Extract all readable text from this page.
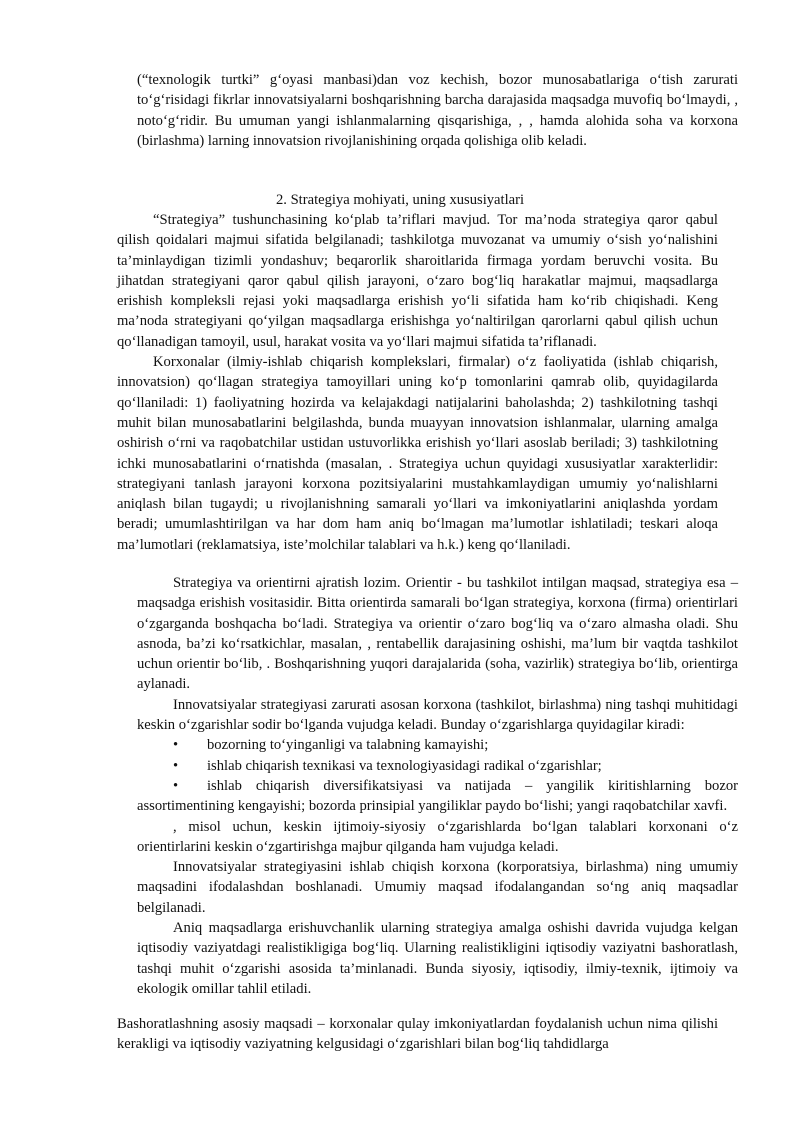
(“texnologik turtki” g‘oyasi manbasi)dan voz kechish, bozor munosabatlariga o‘tish zarurati to‘g‘risidagi fikrlar innovatsiyalarni boshqarishning barcha darajasida maqsadga muvofiq bo‘lmaydi, , noto‘g‘ridir. Bu umuman yangi ishlanmalarning qisqarishiga, , , hamda alohida soha va korxona (birlashma) larning innovatsion rivojlanishining orqada qolishiga olib keladi.

2. Strategiya mohiyati, uning xususiyatlari

“Strategiya” tushunchasining ko‘plab ta’riflari mavjud. Tor ma’noda strategiya qaror qabul qilish qoidalari majmui sifatida belgilanadi; tashkilotga muvozanat va umumiy o‘sish yo‘nalishini ta’minlaydigan tizimli yondashuv; beqarorlik sharoitlarida firmaga yordam beruvchi vosita. Bu jihatdan strategiyani qaror qabul qilish jarayoni, o‘zaro bog‘liq harakatlar majmui, maqsadlarga erishish kompleksli rejasi yoki maqsadlarga erishish yo‘li sifatida ham ko‘rib chiqishadi. Keng ma’noda strategiyani qo‘yilgan maqsadlarga erishishga yo‘naltirilgan qarorlarni qabul qilish uchun qo‘llanadigan tamoyil, usul, harakat vosita va yo‘llari majmui sifatida ta’riflanadi.

Korxonalar (ilmiy-ishlab chiqarish komplekslari, firmalar) o‘z faoliyatida (ishlab chiqarish, innovatsion) qo‘llagan strategiya tamoyillari uning ko‘p tomonlarini qamrab olib, quyidagilarda qo‘llaniladi: 1) faoliyatning hozirda va kelajakdagi natijalarini baholashda; 2) tashkilotning tashqi muhit bilan munosabatlarini belgilashda, bunda muayyan innovatsion ishlanmalar, ularning amalga oshirish o‘rni va raqobatchilar ustidan ustuvorlikka erishish yo‘llari asoslab beriladi; 3) tashkilotning ichki munosabatlarini o‘rnatishda (masalan, . Strategiya uchun quyidagi xususiyatlar xarakterlidir: strategiyani tanlash jarayoni korxona pozitsiyalarini mustahkamlaydigan umumiy yo‘nalishlarni aniqlash bilan tugaydi; u rivojlanishning samarali yo‘llari va imkoniyatlarini aniqlashda yordam beradi; umumlashtirilgan va har dom ham aniq bo‘lmagan ma’lumotlar ishlatiladi; teskari aloqa ma’lumotlari (reklamatsiya, iste’molchilar talablari va h.k.) keng qo‘llaniladi.

Strategiya va orientirni ajratish lozim. Orientir - bu tashkilot intilgan maqsad, strategiya esa – maqsadga erishish vositasidir. Bitta orientirda samarali bo‘lgan strategiya, korxona (firma) orientirlari o‘zgarganda boshqacha bo‘ladi. Strategiya va orientir o‘zaro bog‘liq va o‘zaro almasha oladi. Shu asnoda, ba’zi ko‘rsatkichlar, masalan, , rentabellik darajasining oshishi, ma’lum bir vaqtda tashkilot uchun orientir bo‘lib, . Boshqarishning yuqori darajalarida (soha, vazirlik) strategiya bo‘lib, orientirga aylanadi.

Innovatsiyalar strategiyasi zarurati asosan korxona (tashkilot, birlashma) ning tashqi muhitidagi keskin o‘zgarishlar sodir bo‘lganda vujudga keladi. Bunday o‘zgarishlarga quyidagilar kiradi:

• bozorning to‘yinganligi va talabning kamayishi;

• ishlab chiqarish texnikasi va texnologiyasidagi radikal o‘zgarishlar;

• ishlab chiqarish diversifikatsiyasi va natijada – yangilik kiritishlarning bozor assortimentining kengayishi; bozorda prinsipial yangiliklar paydo bo‘lishi; yangi raqobatchilar xavfi.

, misol uchun, keskin ijtimoiy-siyosiy o‘zgarishlarda bo‘lgan talablari korxonani o‘z orientirlarini keskin o‘zgartirishga majbur qilganda ham vujudga keladi.

Innovatsiyalar strategiyasini ishlab chiqish korxona (korporatsiya, birlashma) ning umumiy maqsadini ifodalashdan boshlanadi. Umumiy maqsad ifodalangandan so‘ng aniq maqsadlar belgilanadi.

Aniq maqsadlarga erishuvchanlik ularning strategiya amalga oshishi davrida vujudga kelgan iqtisodiy vaziyatdagi realistikligiga bog‘liq. Ularning realistikligini iqtisodiy vaziyatni bashoratlash, tashqi muhit o‘zgarishi asosida ta’minlanadi. Bunda siyosiy, iqtisodiy, ilmiy-texnik, ijtimoiy va ekologik omillar tahlil etiladi.

Bashoratlashning asosiy maqsadi – korxonalar qulay imkoniyatlardan foydalanish uchun nima qilishi kerakligi va iqtisodiy vaziyatning kelgusidagi o‘zgarishlari bilan bog‘liq tahdidlarga
